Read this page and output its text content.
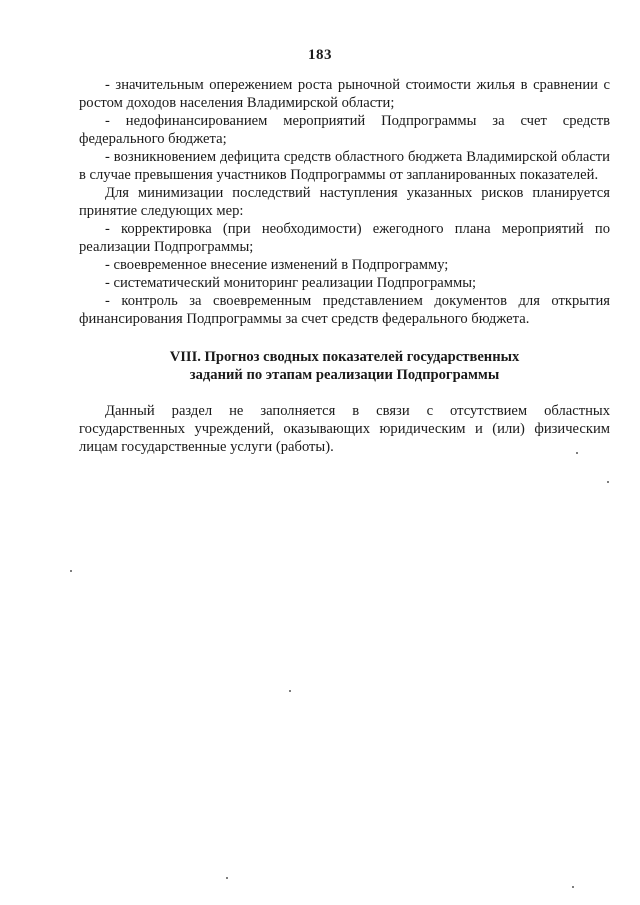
183

- значительным опережением роста рыночной стоимости жилья в сравнении с ростом доходов населения Владимирской области;

- недофинансированием мероприятий Подпрограммы за счет средств федерального бюджета;

- возникновением дефицита средств областного бюджета Владимирской области в случае превышения участников Подпрограммы от запланированных показателей.

Для минимизации последствий наступления указанных рисков планируется принятие следующих мер:

- корректировка (при необходимости) ежегодного плана мероприятий по реализации Подпрограммы;

- своевременное внесение изменений в Подпрограмму;

- систематический мониторинг реализации Подпрограммы;

- контроль за своевременным представлением документов для открытия финансирования Подпрограммы за счет средств федерального бюджета.

VIII. Прогноз сводных показателей государственных
заданий по этапам реализации Подпрограммы

Данный раздел не заполняется в связи с отсутствием областных государственных учреждений, оказывающих юридическим и (или) физическим лицам государственные услуги (работы).
